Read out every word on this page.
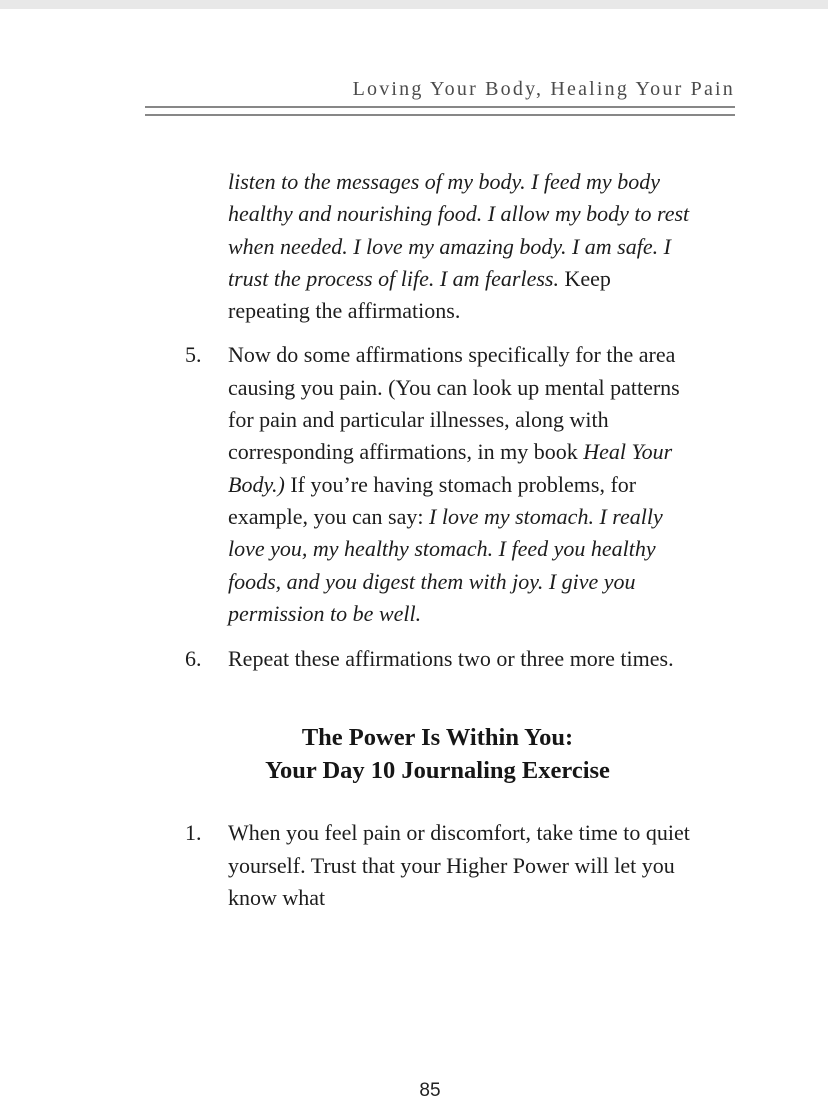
Loving Your Body, Healing Your Pain

listen to the messages of my body. I feed my body healthy and nourishing food. I allow my body to rest when needed. I love my amazing body. I am safe. I trust the process of life. I am fearless. Keep repeating the affirmations.

5.	Now do some affirmations specifically for the area causing you pain. (You can look up mental patterns for pain and particular illnesses, along with corresponding affirmations, in my book Heal Your Body.) If you’re having stomach problems, for example, you can say: I love my stomach. I really love you, my healthy stomach. I feed you healthy foods, and you digest them with joy. I give you permission to be well.
6.	Repeat these affirmations two or three more times.
The Power Is Within You:
Your Day 10 Journaling Exercise
1.	When you feel pain or discomfort, take time to quiet yourself. Trust that your Higher Power will let you know what
85
